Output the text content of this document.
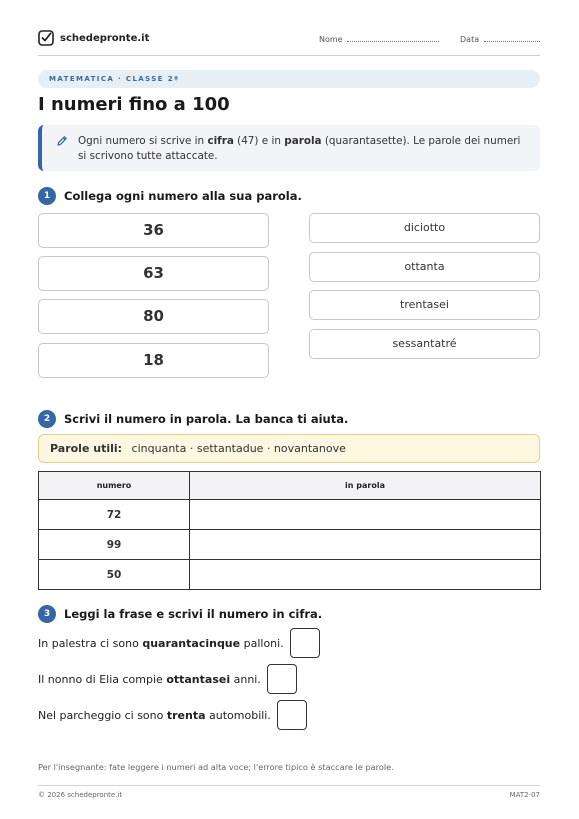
schedepronte.it	Nome	Data
MATEMATICA · CLASSE 2ª
I numeri fino a 100
Ogni numero si scrive in cifra (47) e in parola (quarantasette). Le parole dei numeri si scrivono tutte attaccate.
1	Collega ogni numero alla sua parola.
36
63
80
18
diciotto
ottanta
trentasei
sessantatré
2	Scrivi il numero in parola. La banca ti aiuta.
Parole utili: cinquanta · settantadue · novantanove
numero	in parola
72	
99	
50	
3	Leggi la frase e scrivi il numero in cifra.
In palestra ci sono quarantacinque palloni.
Il nonno di Elia compie ottantasei anni.
Nel parcheggio ci sono trenta automobili.
Per l'insegnante: fate leggere i numeri ad alta voce; l'errore tipico è staccare le parole.
© 2026 schedepronte.it	MAT2-07
